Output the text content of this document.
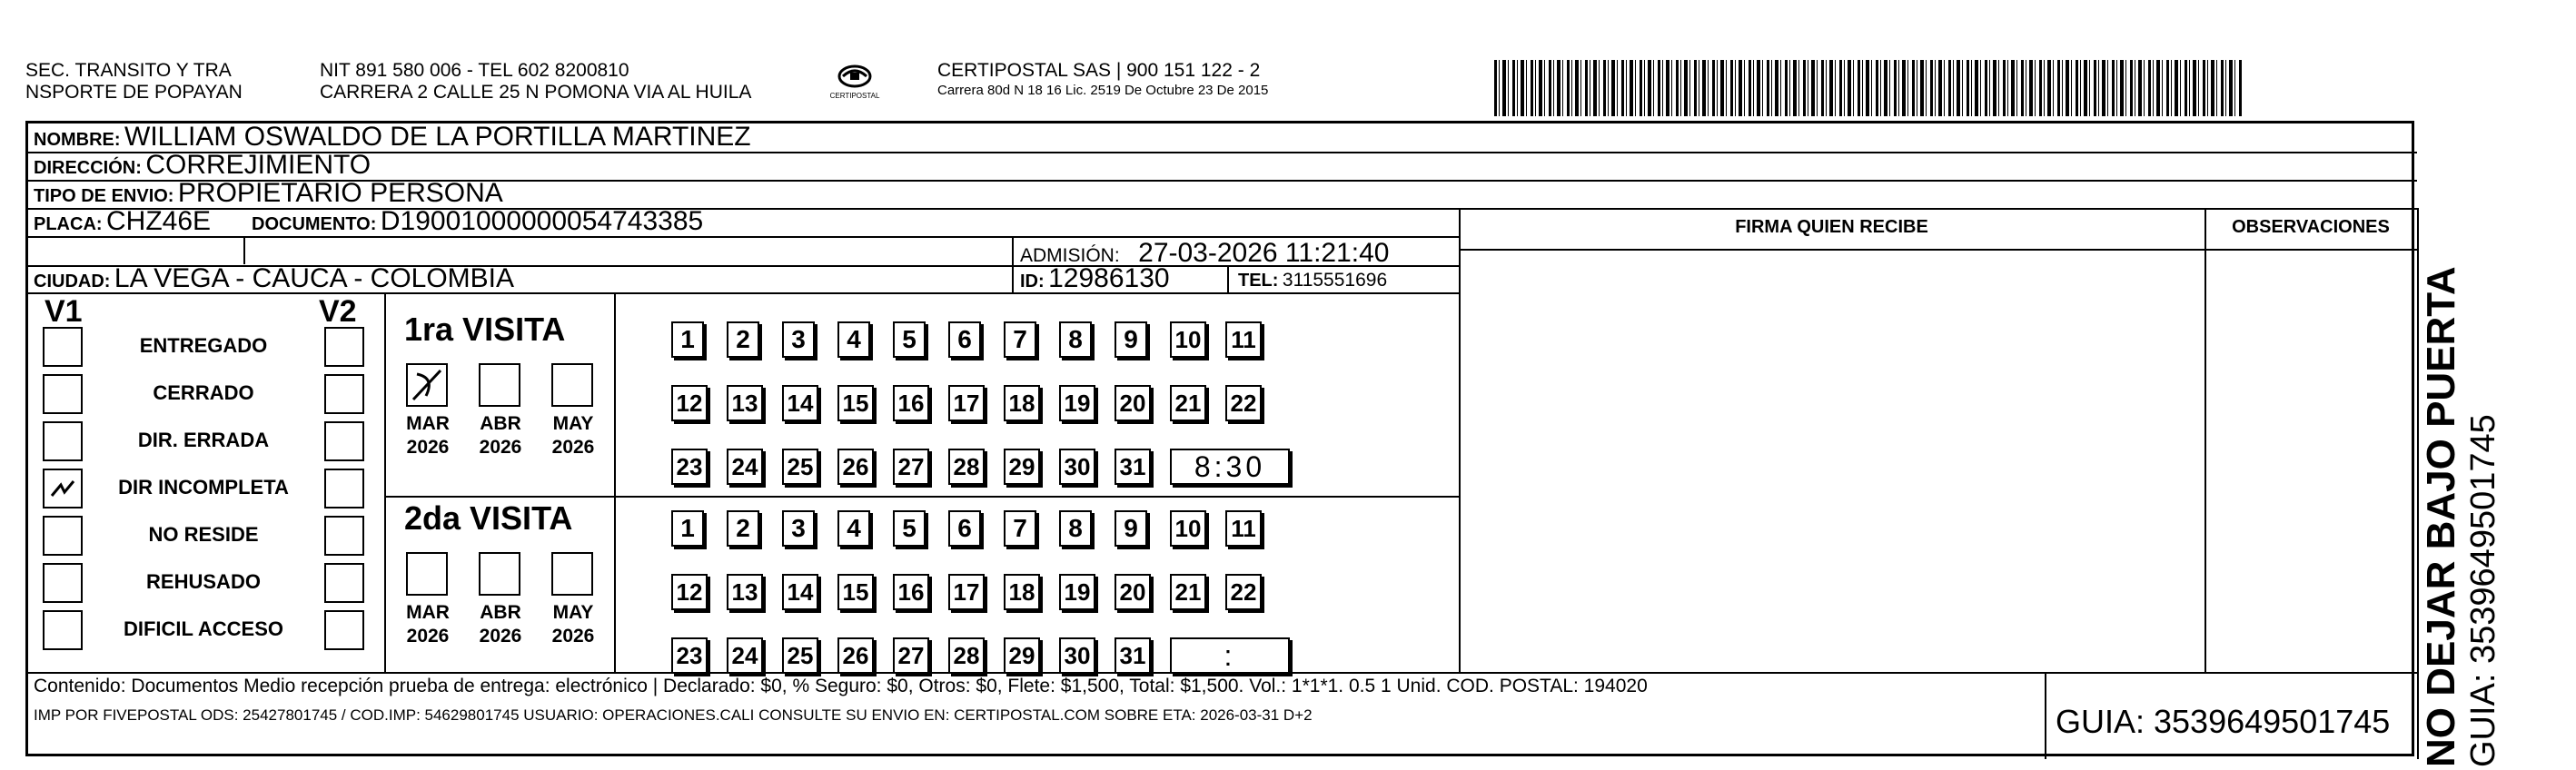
SEC. TRANSITO Y TRA
NSPORTE DE POPAYAN
NIT 891 580 006 - TEL 602 8200810
CARRERA 2 CALLE 25 N POMONA VIA AL HUILA	CERTIPOSTAL
CERTIPOSTAL SAS | 900 151 122 - 2
Carrera 80d N 18 16 Lic. 2519 De Octubre 23 De 2015
NOMBRE: WILLIAM OSWALDO DE LA PORTILLA MARTINEZ
DIRECCIÓN: CORREJIMIENTO
TIPO DE ENVIO: PROPIETARIO PERSONA
PLACA: CHZ46E DOCUMENTO: D19001000000054743385
ADMISIÓN: 27-03-2026 11:21:40
CIUDAD: LA VEGA - CAUCA - COLOMBIA	ID: 12986130	TEL: 3115551696
FIRMA QUIEN RECIBE	OBSERVACIONES
V1	V2
ENTREGADO
CERRADO
DIR. ERRADA
DIR INCOMPLETA
NO RESIDE
REHUSADO
DIFICIL ACCESO
1ra VISITA
2da VISITA
MAR
2026
ABR
2026
MAY
2026
1	2	3	4	5	6	7	8	9	10 11
12 13 14 15 16 17 18 19 20 21 22
23 24 25 26 27 28 29 30 31	8:30
MAR
2026
ABR
2026
MAY
2026
1	2	3	4	5	6	7	8	9	10 11
12 13 14 15 16 17 18 19 20 21 22
23 24 25 26 27 28 29 30 31	:
Contenido: Documentos Medio recepción prueba de entrega: electrónico | Declarado: $0, % Seguro: $0, Otros: $0, Flete: $1,500, Total: $1,500. Vol.: 1*1*1. 0.5 1 Unid. COD. POSTAL: 194020
IMP POR FIVEPOSTAL ODS: 25427801745 / COD.IMP: 54629801745 USUARIO: OPERACIONES.CALI CONSULTE SU ENVIO EN: CERTIPOSTAL.COM SOBRE ETA: 2026-03-31 D+2	GUIA: 3539649501745 NO DEJAR BAJO PUERTA GUIA: 3539649501745
